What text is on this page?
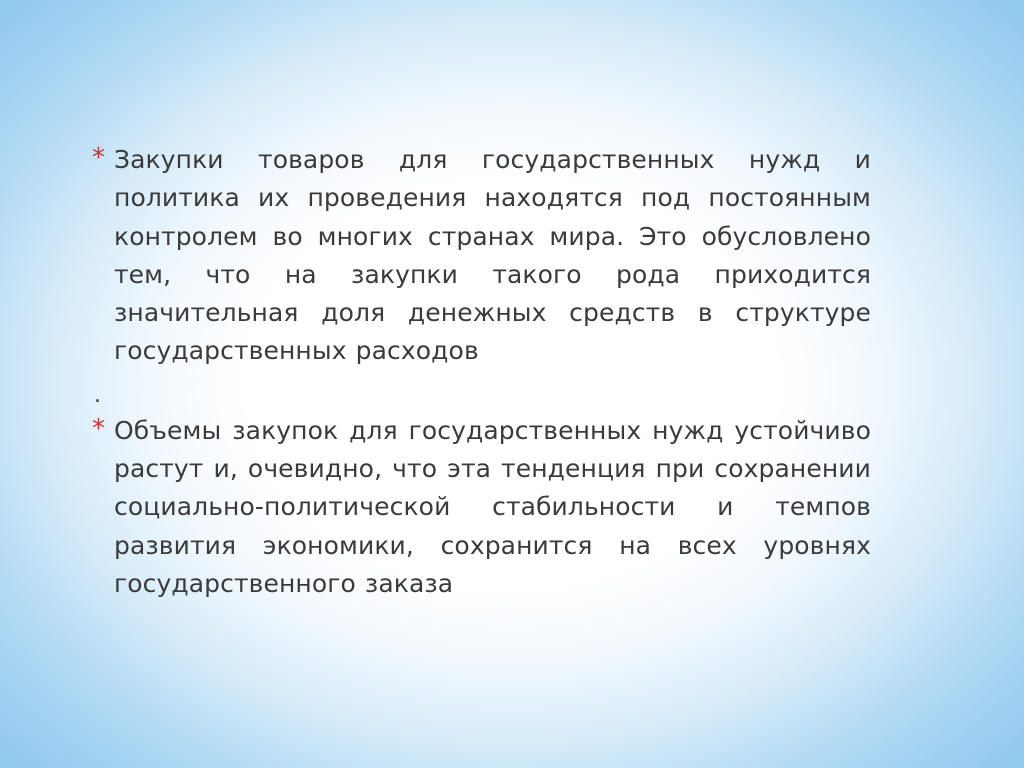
* Закупки товаров для государственных нужд и политика их проведения находятся под постоянным контролем во многих странах мира. Это обусловлено тем, что на закупки такого рода приходится значительная доля денежных средств в структуре государственных расходов
.
* Объемы закупок для государственных нужд устойчиво растут и, очевидно, что эта тенденция при сохранении социально-политической стабильности и темпов развития экономики, сохранится на всех уровнях государственного заказа
